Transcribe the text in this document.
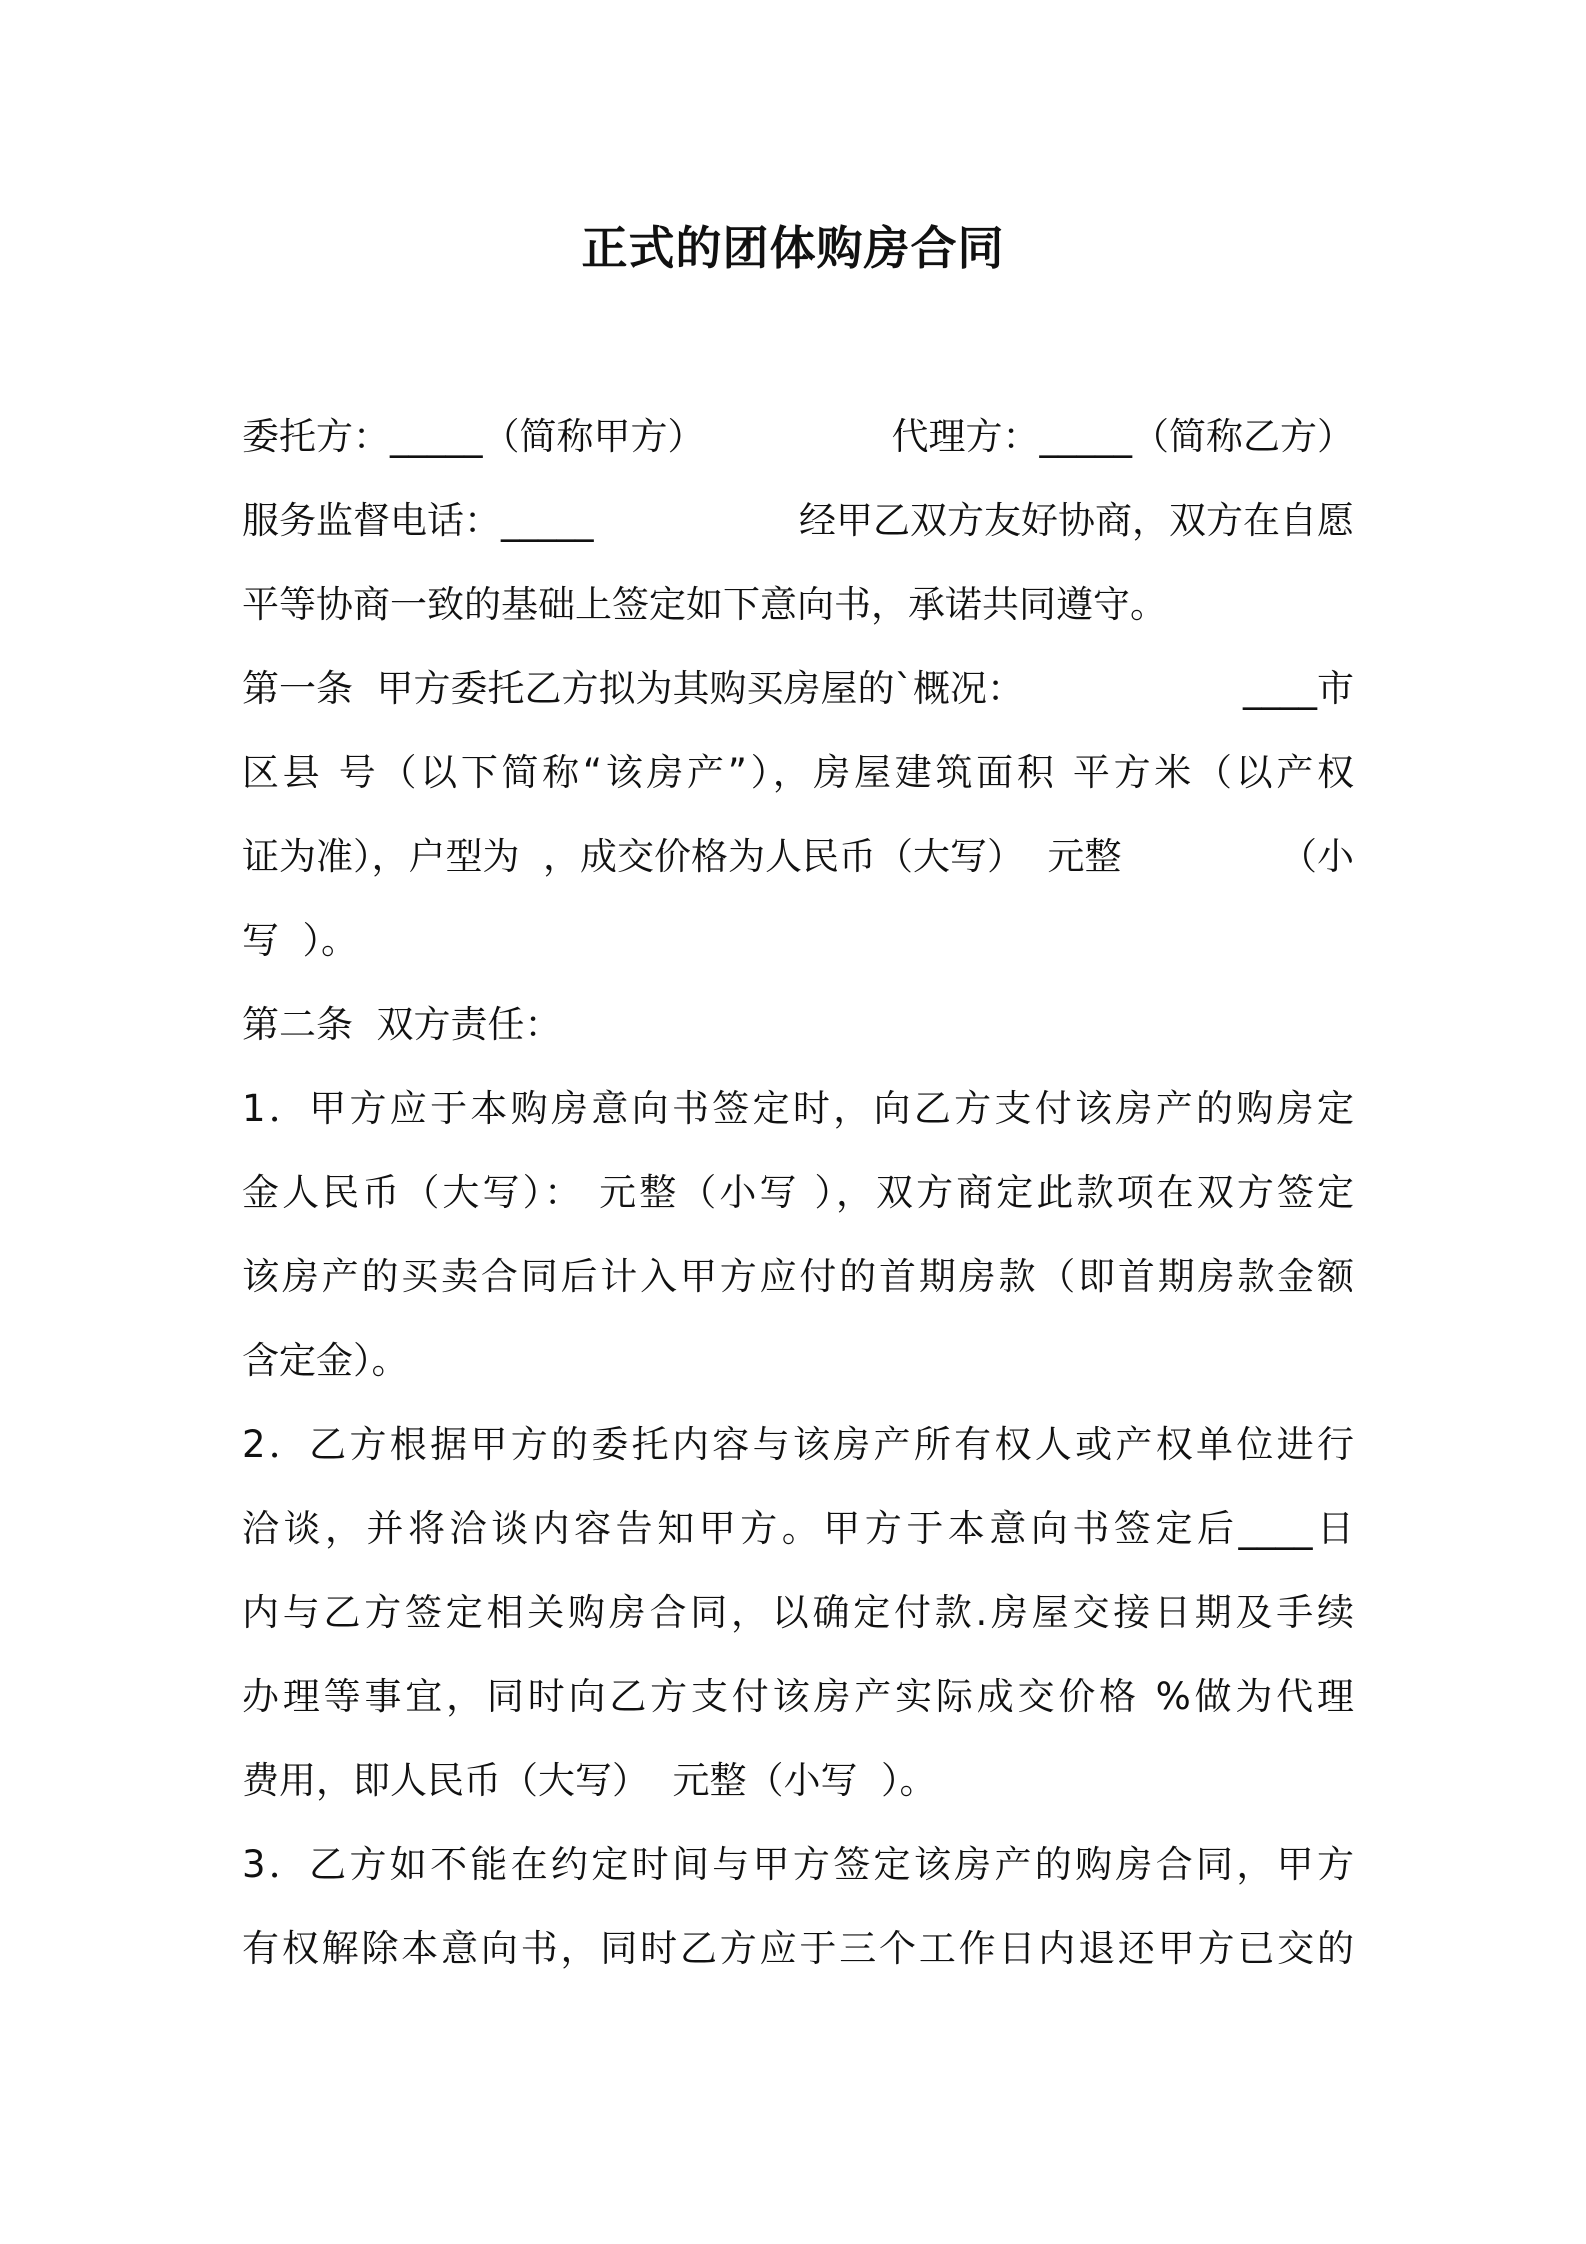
正式的团体购房合同

委托方：_____（简称甲方）

	代理方：_____（简称乙方）

服务监督电话：_____

	经甲乙双方友好协商，双方在自愿

平等协商一致的基础上签定如下意向书，承诺共同遵守。

第一条  甲方委托乙方拟为其购买房屋的`概况：

	____市

区县 号（以下简称“该房产”），房屋建筑面积 平方米（以产权

证为准），户型为  ，成交价格为人民币（大写）  元整

	（小

写  ）。
第二条  双方责任：
1．甲方应于本购房意向书签定时，向乙方支付该房产的购房定
金人民币（大写）： 元整（小写 ），双方商定此款项在双方签定
该房产的买卖合同后计入甲方应付的首期房款（即首期房款金额
含定金）。
2．乙方根据甲方的委托内容与该房产所有权人或产权单位进行
洽谈，并将洽谈内容告知甲方。甲方于本意向书签定后____日
内与乙方签定相关购房合同，以确定付款.房屋交接日期及手续
办理等事宜，同时向乙方支付该房产实际成交价格 %做为代理
费用，即人民币（大写）  元整（小写  ）。
3．乙方如不能在约定时间与甲方签定该房产的购房合同，甲方
有权解除本意向书，同时乙方应于三个工作日内退还甲方已交的
